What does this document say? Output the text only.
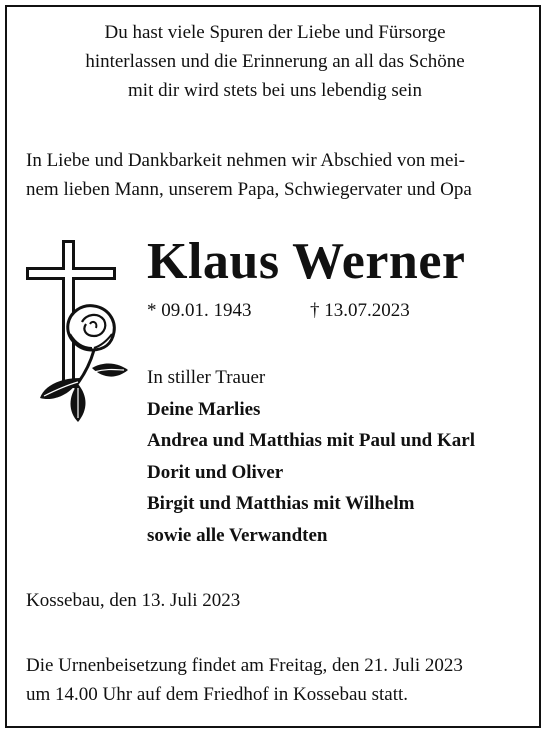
Du hast viele Spuren der Liebe und Fürsorge
hinterlassen und die Erinnerung an all das Schöne
mit dir wird stets bei uns lebendig sein
In Liebe und Dankbarkeit nehmen wir Abschied von mei-
nem lieben Mann, unserem Papa, Schwiegervater und Opa
Klaus Werner
* 09.01. 1943	† 13.07.2023
In stiller Trauer
Deine Marlies
Andrea und Matthias mit Paul und Karl
Dorit und Oliver
Birgit und Matthias mit Wilhelm
sowie alle Verwandten
Kossebau, den 13. Juli 2023
Die Urnenbeisetzung findet am Freitag, den 21. Juli 2023
um 14.00 Uhr auf dem Friedhof in Kossebau statt.
